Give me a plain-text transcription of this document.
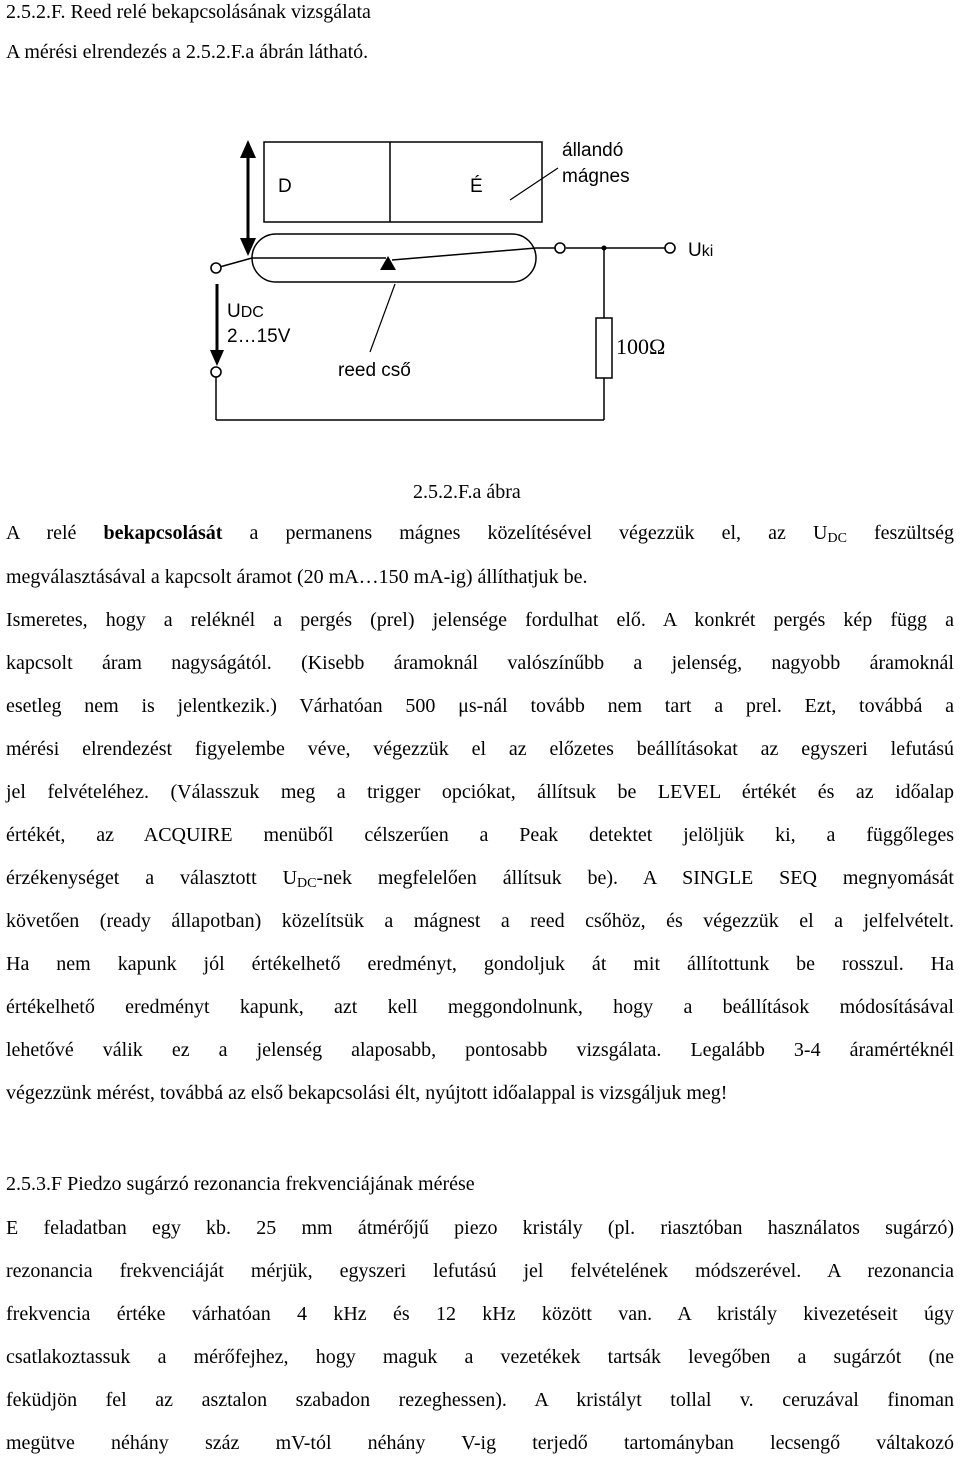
2.5.2.F. Reed relé bekapcsolásának vizsgálata
A mérési elrendezés a 2.5.2.F.a ábrán látható.
D	É
állandó
mágnes
Uki
UDC
2…15V
reed cső
100Ω
2.5.2.F.a ábra
A relé bekapcsolását a permanens mágnes közelítésével végezzük el, az $U_{DC}$ feszültség
megválasztásával a kapcsolt áramot (20 mA…150 mA-ig) állíthatjuk be.
Ismeretes, hogy a reléknél a pergés (prel) jelensége fordulhat elő. A konkrét pergés kép függ a
kapcsolt áram nagyságától. (Kisebb áramoknál valószínűbb a jelenség, nagyobb áramoknál
esetleg nem is jelentkezik.) Várhatóan 500 μs-nál tovább nem tart a prel. Ezt, továbbá a
mérési elrendezést figyelembe véve, végezzük el az előzetes beállításokat az egyszeri lefutású
jel felvételéhez. (Válasszuk meg a trigger opciókat, állítsuk be LEVEL értékét és az időalap
értékét, az ACQUIRE menüből célszerűen a Peak detektet jelöljük ki, a függőleges
érzékenységet a választott $U_{DC}$-nek megfelelően állítsuk be). A SINGLE SEQ megnyomását
követően (ready állapotban) közelítsük a mágnest a reed csőhöz, és végezzük el a jelfelvételt.
Ha nem kapunk jól értékelhető eredményt, gondoljuk át mit állítottunk be rosszul. Ha
értékelhető eredményt kapunk, azt kell meggondolnunk, hogy a beállítások módosításával
lehetővé válik ez a jelenség alaposabb, pontosabb vizsgálata. Legalább 3-4 áramértéknél
végezzünk mérést, továbbá az első bekapcsolási élt, nyújtott időalappal is vizsgáljuk meg!
2.5.3.F Piedzo sugárzó rezonancia frekvenciájának mérése
E feladatban egy kb. 25 mm átmérőjű piezo kristály (pl. riasztóban használatos sugárzó)
rezonancia frekvenciáját mérjük, egyszeri lefutású jel felvételének módszerével. A rezonancia
frekvencia értéke várhatóan 4 kHz és 12 kHz között van. A kristály kivezetéseit úgy
csatlakoztassuk a mérőfejhez, hogy maguk a vezetékek tartsák levegőben a sugárzót (ne
feküdjön fel az asztalon szabadon rezeghessen). A kristályt tollal v. ceruzával finoman
megütve néhány száz mV-tól néhány V-ig terjedő tartományban lecsengő váltakozó
